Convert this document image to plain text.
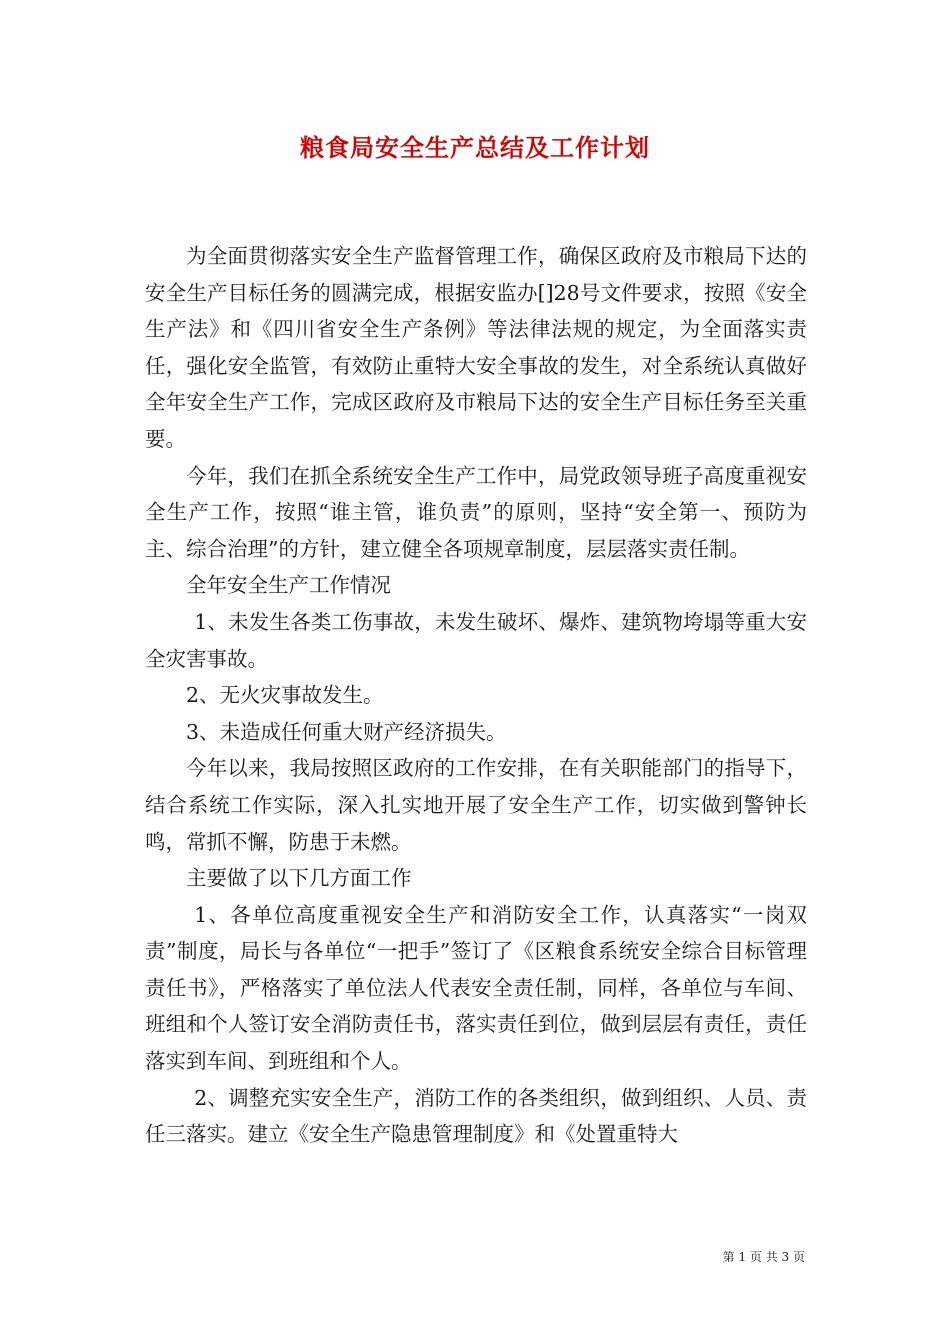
粮食局安全生产总结及工作计划

为全面贯彻落实安全生产监督管理工作，确保区政府及市粮局下达的安全生产目标任务的圆满完成，根据安监办[]28号文件要求，按照《安全生产法》和《四川省安全生产条例》等法律法规的规定，为全面落实责任，强化安全监管，有效防止重特大安全事故的发生，对全系统认真做好全年安全生产工作，完成区政府及市粮局下达的安全生产目标任务至关重要。

今年，我们在抓全系统安全生产工作中，局党政领导班子高度重视安全生产工作，按照“谁主管，谁负责”的原则，坚持“安全第一、预防为主、综合治理”的方针，建立健全各项规章制度，层层落实责任制。

全年安全生产工作情况

1、未发生各类工伤事故，未发生破坏、爆炸、建筑物垮塌等重大安全灾害事故。

2、无火灾事故发生。

3、未造成任何重大财产经济损失。

今年以来，我局按照区政府的工作安排，在有关职能部门的指导下，结合系统工作实际，深入扎实地开展了安全生产工作，切实做到警钟长鸣，常抓不懈，防患于未燃。

主要做了以下几方面工作

1、各单位高度重视安全生产和消防安全工作，认真落实“一岗双责”制度，局长与各单位“一把手”签订了《区粮食系统安全综合目标管理责任书》，严格落实了单位法人代表安全责任制，同样，各单位与车间、班组和个人签订安全消防责任书，落实责任到位，做到层层有责任，责任落实到车间、到班组和个人。

2、调整充实安全生产，消防工作的各类组织，做到组织、人员、责任三落实。建立《安全生产隐患管理制度》和《处置重特大

第 1 页 共 3 页
